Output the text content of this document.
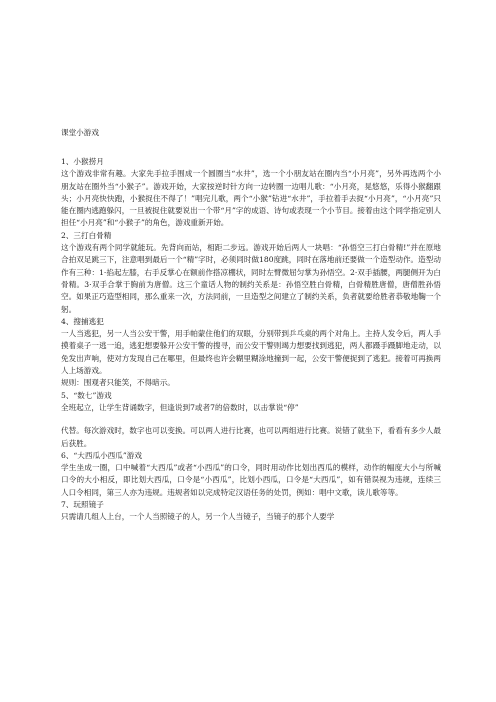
课堂小游戏
1、小猴捞月
这个游戏非常有趣。大家先手拉手围成一个圆圈当“水井”，选一个小朋友站在圈内当“小月亮”，另外再选两个小朋友站在圈外当“小猴子”。游戏开始，大家按逆时针方向一边转圈一边唱儿歌：“小月亮，晃悠悠，乐得小猴翻跟头；小月亮快快跑，小猴捉住不得了！”唱完儿歌，两个“小猴”钻进“水井”，手拉着手去捉“小月亮”，“小月亮”只能在圈内逃跑躲闪，一旦被捉住就要说出一个带“月”字的成语、诗句或表现一个小节目。接着由这个同学指定别人担任“小月亮”和“小猴子”的角色，游戏重新开始。
2、三打白骨精
这个游戏有两个同学就能玩。先背向而站，相距二步远。游戏开始后两人一块唱：“孙悟空三打白骨精!”并在原地合拍双足跳三下，注意唱到最后一个“精”字时，必须同时做180度跳，同时在落地前还要做一个造型动作。造型动作有三种：1·掐起左膝，右手反掌心在额前作搭凉棚状，同时左臂微屈匀掌为孙悟空。2·双手插腰，两腿侧开为白骨精。3·双手合掌于胸前为唐僧。这三个童话人物的制约关系是：孙悟空胜白骨精，白骨精胜唐僧，唐僧胜孙悟空。如果正巧造型相同，那么重来一次，方法同前，一旦造型之间建立了制约关系，负者就要给胜者恭敬地鞠一个躬。
4、搜捕逃犯
一人当逃犯，另一人当公安干警，用手帕蒙住他们的双眼，分别带到乒乓桌的两个对角上。主持人发令后，两人手摸着桌子一逃一追，逃犯想要躲开公安干警的搜寻，而公安干警则竭力想要找到逃犯，两人都蹑手蹑脚地走动，以免发出声响，使对方发现自己在哪里，但最终也许会糊里糊涂地撞到一起，公安干警便捉到了逃犯。接着可再换两人上场游戏。
规则：围观者只能笑，不得暗示。
5、“数七”游戏
全班起立，让学生背诵数字，但逢说到7或者7的倍数时，以击掌说“停”
代替。每次游戏时，数字也可以变换。可以两人进行比赛，也可以两组进行比赛。说错了就坐下，看看有多少人最后获胜。
6、“大西瓜小西瓜”游戏
学生坐成一圈，口中喊着“大西瓜”或者“小西瓜”的口令，同时用动作比划出西瓜的模样，动作的幅度大小与所喊口令的大小相反，即比划大西瓜，口令是“小西瓜”，比划小西瓜，口令是“大西瓜”，如有错误视为违规，连续三人口令相同，第三人亦为违规。违规者如以完成特定汉语任务的处罚，例如：唱中文歌，读儿歌等等。
7、玩照镜子
只需请几组人上台，一个人当照镜子的人，另一个人当镜子，当镜子的那个人要学
